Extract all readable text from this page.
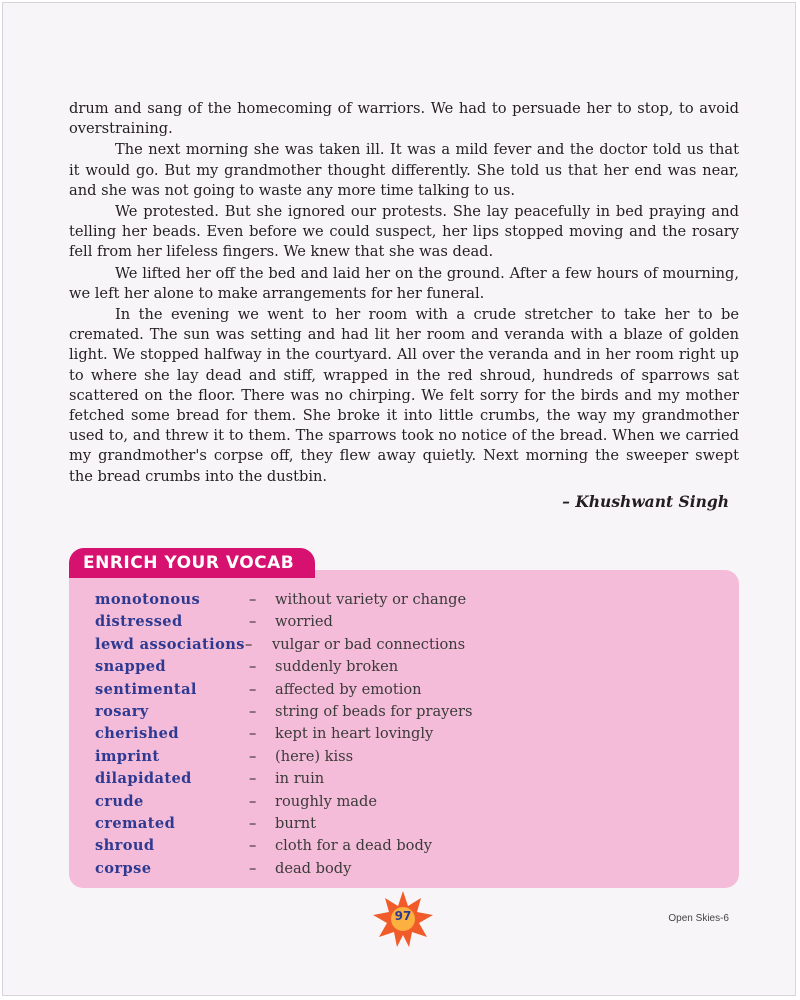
drum and sang of the homecoming of warriors. We had to persuade her to stop, to avoid overstraining.

The next morning she was taken ill. It was a mild fever and the doctor told us that it would go. But my grandmother thought differently. She told us that her end was near, and she was not going to waste any more time talking to us.

We protested. But she ignored our protests. She lay peacefully in bed praying and telling her beads. Even before we could suspect, her lips stopped moving and the rosary fell from her lifeless fingers. We knew that she was dead.

We lifted her off the bed and laid her on the ground. After a few hours of mourning, we left her alone to make arrangements for her funeral.

In the evening we went to her room with a crude stretcher to take her to be cremated. The sun was setting and had lit her room and veranda with a blaze of golden light. We stopped halfway in the courtyard. All over the veranda and in her room right up to where she lay dead and stiff, wrapped in the red shroud, hundreds of sparrows sat scattered on the floor. There was no chirping. We felt sorry for the birds and my mother fetched some bread for them. She broke it into little crumbs, the way my grandmother used to, and threw it to them. The sparrows took no notice of the bread. When we carried my grandmother's corpse off, they flew away quietly. Next morning the sweeper swept the bread crumbs into the dustbin.

– Khushwant Singh
monotonous	– without variety or change
distressed	– worried
lewd associations – vulgar or bad connections
snapped	– suddenly broken
sentimental	– affected by emotion
rosary	– string of beads for prayers
cherished	– kept in heart lovingly
imprint	– (here) kiss
dilapidated	– in ruin
crude	– roughly made
cremated	– burnt
shroud	– cloth for a dead body
corpse	– dead body
ENRICH YOUR VOCAB
97	Open Skies-6
